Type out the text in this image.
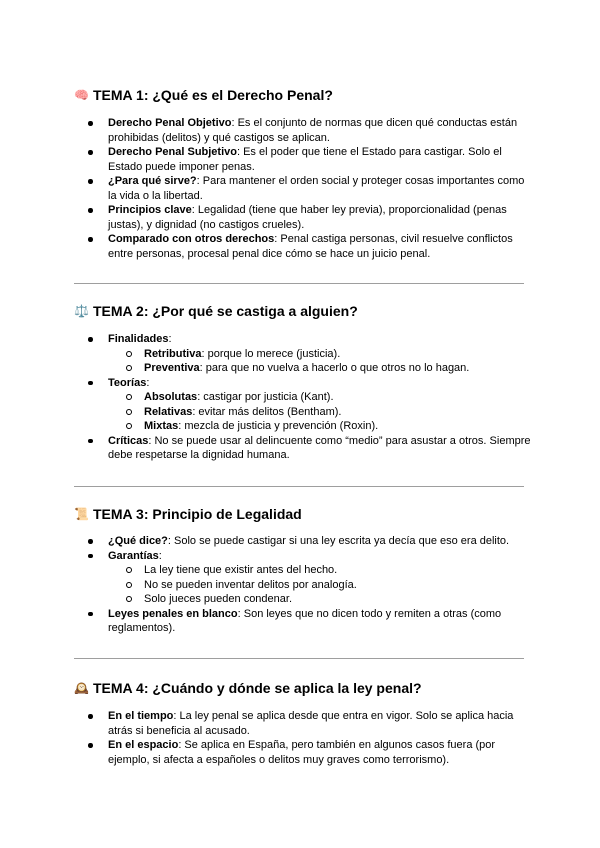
🧠 TEMA 1: ¿Qué es el Derecho Penal?
Derecho Penal Objetivo: Es el conjunto de normas que dicen qué conductas están prohibidas (delitos) y qué castigos se aplican.
Derecho Penal Subjetivo: Es el poder que tiene el Estado para castigar. Solo el Estado puede imponer penas.
¿Para qué sirve?: Para mantener el orden social y proteger cosas importantes como la vida o la libertad.
Principios clave: Legalidad (tiene que haber ley previa), proporcionalidad (penas justas), y dignidad (no castigos crueles).
Comparado con otros derechos: Penal castiga personas, civil resuelve conflictos entre personas, procesal penal dice cómo se hace un juicio penal.
⚖️ TEMA 2: ¿Por qué se castiga a alguien?
Finalidades:
Retributiva: porque lo merece (justicia).
Preventiva: para que no vuelva a hacerlo o que otros no lo hagan.
Teorías:
Absolutas: castigar por justicia (Kant).
Relativas: evitar más delitos (Bentham).
Mixtas: mezcla de justicia y prevención (Roxin).
Críticas: No se puede usar al delincuente como “medio” para asustar a otros. Siempre debe respetarse la dignidad humana.
📜 TEMA 3: Principio de Legalidad
¿Qué dice?: Solo se puede castigar si una ley escrita ya decía que eso era delito.
Garantías:
La ley tiene que existir antes del hecho.
No se pueden inventar delitos por analogía.
Solo jueces pueden condenar.
Leyes penales en blanco: Son leyes que no dicen todo y remiten a otras (como reglamentos).
🕰️ TEMA 4: ¿Cuándo y dónde se aplica la ley penal?
En el tiempo: La ley penal se aplica desde que entra en vigor. Solo se aplica hacia atrás si beneficia al acusado.
En el espacio: Se aplica en España, pero también en algunos casos fuera (por ejemplo, si afecta a españoles o delitos muy graves como terrorismo).
